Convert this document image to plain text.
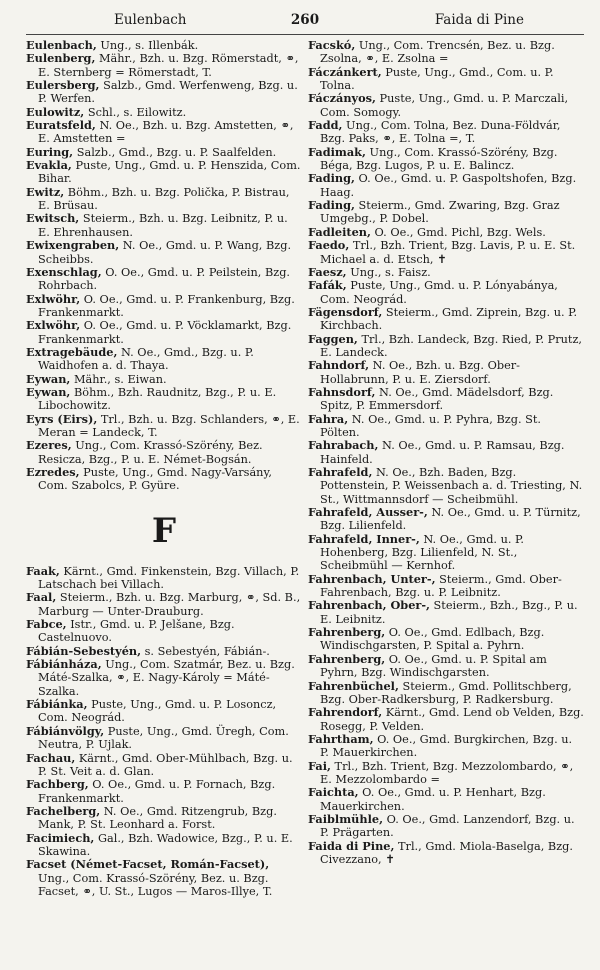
Eulenbach	260	Faida di Pine

Eulenbach, Ung., s. Illenbák.

Eulenberg, Mähr., Bzh. u. Bzg. Römerstadt, ⚭, E. Sternberg = Römerstadt, T.

Eulersberg, Salzb., Gmd. Werfenweng, Bzg. u. P. Werfen.

Eulowitz, Schl., s. Eilowitz.

Euratsfeld, N. Oe., Bzh. u. Bzg. Amstetten, ⚭, E. Amstetten =

Euring, Salzb., Gmd., Bzg. u. P. Saalfelden.

Evakla, Puste, Ung., Gmd. u. P. Henszida, Com. Bihar.

Ewitz, Böhm., Bzh. u. Bzg. Polička, P. Bistrau, E. Brüsau.

Ewitsch, Steierm., Bzh. u. Bzg. Leibnitz, P. u. E. Ehrenhausen.

Ewixengraben, N. Oe., Gmd. u. P. Wang, Bzg. Scheibbs.

Exenschlag, O. Oe., Gmd. u. P. Peilstein, Bzg. Rohrbach.

Exlwöhr, O. Oe., Gmd. u. P. Frankenburg, Bzg. Frankenmarkt.

Exlwöhr, O. Oe., Gmd. u. P. Vöcklamarkt, Bzg. Frankenmarkt.

Extragebäude, N. Oe., Gmd., Bzg. u. P. Waidhofen a. d. Thaya.

Eywan, Mähr., s. Eiwan.

Eywan, Böhm., Bzh. Raudnitz, Bzg., P. u. E. Libochowitz.

Eyrs (Eirs), Trl., Bzh. u. Bzg. Schlanders, ⚭, E. Meran = Landeck, T.

Ezeres, Ung., Com. Krassó-Szörény, Bez. Resicza, Bzg., P. u. E. Német-Bogsán.

Ezredes, Puste, Ung., Gmd. Nagy-Varsány, Com. Szabolcs, P. Gyüre.

F

Faak, Kärnt., Gmd. Finkenstein, Bzg. Villach, P. Latschach bei Villach.

Faal, Steierm., Bzh. u. Bzg. Marburg, ⚭, Sd. B., Marburg — Unter-Drauburg.

Fabce, Istr., Gmd. u. P. Jelšane, Bzg. Castelnuovo.

Fábián-Sebestyén, s. Sebestyén, Fábián-.

Fábiánháza, Ung., Com. Szatmár, Bez. u. Bzg. Máté-Szalka, ⚭, E. Nagy-Károly = Máté-Szalka.

Fábiánka, Puste, Ung., Gmd. u. P. Losoncz, Com. Neográd.

Fábiánvölgy, Puste, Ung., Gmd. Üregh, Com. Neutra, P. Ujlak.

Fachau, Kärnt., Gmd. Ober-Mühlbach, Bzg. u. P. St. Veit a. d. Glan.

Fachberg, O. Oe., Gmd. u. P. Fornach, Bzg. Frankenmarkt.

Fachelberg, N. Oe., Gmd. Ritzengrub, Bzg. Mank, P. St. Leonhard a. Forst.

Facimiech, Gal., Bzh. Wadowice, Bzg., P. u. E. Skawina.

Facset (Német-Facset, Román-Facset), Ung., Com. Krassó-Szörény, Bez. u. Bzg. Facset, ⚭, U. St., Lugos — Maros-Illye, T.

Facskó, Ung., Com. Trencsén, Bez. u. Bzg. Zsolna, ⚭, E. Zsolna =

Fáczánkert, Puste, Ung., Gmd., Com. u. P. Tolna.

Fáczányos, Puste, Ung., Gmd. u. P. Marczali, Com. Somogy.

Fadd, Ung., Com. Tolna, Bez. Duna-Földvár, Bzg. Paks, ⚭, E. Tolna =, T.

Fadimak, Ung., Com. Krassó-Szörény, Bzg. Béga, Bzg. Lugos, P. u. E. Balincz.

Fading, O. Oe., Gmd. u. P. Gaspoltshofen, Bzg. Haag.

Fading, Steierm., Gmd. Zwaring, Bzg. Graz Umgebg., P. Dobel.

Fadleiten, O. Oe., Gmd. Pichl, Bzg. Wels.

Faedo, Trl., Bzh. Trient, Bzg. Lavis, P. u. E. St. Michael a. d. Etsch, ✝

Faesz, Ung., s. Faisz.

Fafák, Puste, Ung., Gmd. u. P. Lónyabánya, Com. Neográd.

Fägensdorf, Steierm., Gmd. Ziprein, Bzg. u. P. Kirchbach.

Faggen, Trl., Bzh. Landeck, Bzg. Ried, P. Prutz, E. Landeck.

Fahndorf, N. Oe., Bzh. u. Bzg. Ober-Hollabrunn, P. u. E. Ziersdorf.

Fahnsdorf, N. Oe., Gmd. Mädelsdorf, Bzg. Spitz, P. Emmersdorf.

Fahra, N. Oe., Gmd. u. P. Pyhra, Bzg. St. Pölten.

Fahrabach, N. Oe., Gmd. u. P. Ramsau, Bzg. Hainfeld.

Fahrafeld, N. Oe., Bzh. Baden, Bzg. Pottenstein, P. Weissenbach a. d. Triesting, N. St., Wittmannsdorf — Scheibmühl.

Fahrafeld, Ausser-, N. Oe., Gmd. u. P. Türnitz, Bzg. Lilienfeld.

Fahrafeld, Inner-, N. Oe., Gmd. u. P. Hohenberg, Bzg. Lilienfeld, N. St., Scheibmühl — Kernhof.

Fahrenbach, Unter-, Steierm., Gmd. Ober-Fahrenbach, Bzg. u. P. Leibnitz.

Fahrenbach, Ober-, Steierm., Bzh., Bzg., P. u. E. Leibnitz.

Fahrenberg, O. Oe., Gmd. Edlbach, Bzg. Windischgarsten, P. Spital a. Pyhrn.

Fahrenberg, O. Oe., Gmd. u. P. Spital am Pyhrn, Bzg. Windischgarsten.

Fahrenbüchel, Steierm., Gmd. Pollitschberg, Bzg. Ober-Radkersburg, P. Radkersburg.

Fahrendorf, Kärnt., Gmd. Lend ob Velden, Bzg. Rosegg, P. Velden.

Fahrtham, O. Oe., Gmd. Burgkirchen, Bzg. u. P. Mauerkirchen.

Fai, Trl., Bzh. Trient, Bzg. Mezzolombardo, ⚭, E. Mezzolombardo =

Faichta, O. Oe., Gmd. u. P. Henhart, Bzg. Mauerkirchen.

Faiblmühle, O. Oe., Gmd. Lanzendorf, Bzg. u. P. Prägarten.

Faida di Pine, Trl., Gmd. Miola-Baselga, Bzg. Civezzano, ✝
